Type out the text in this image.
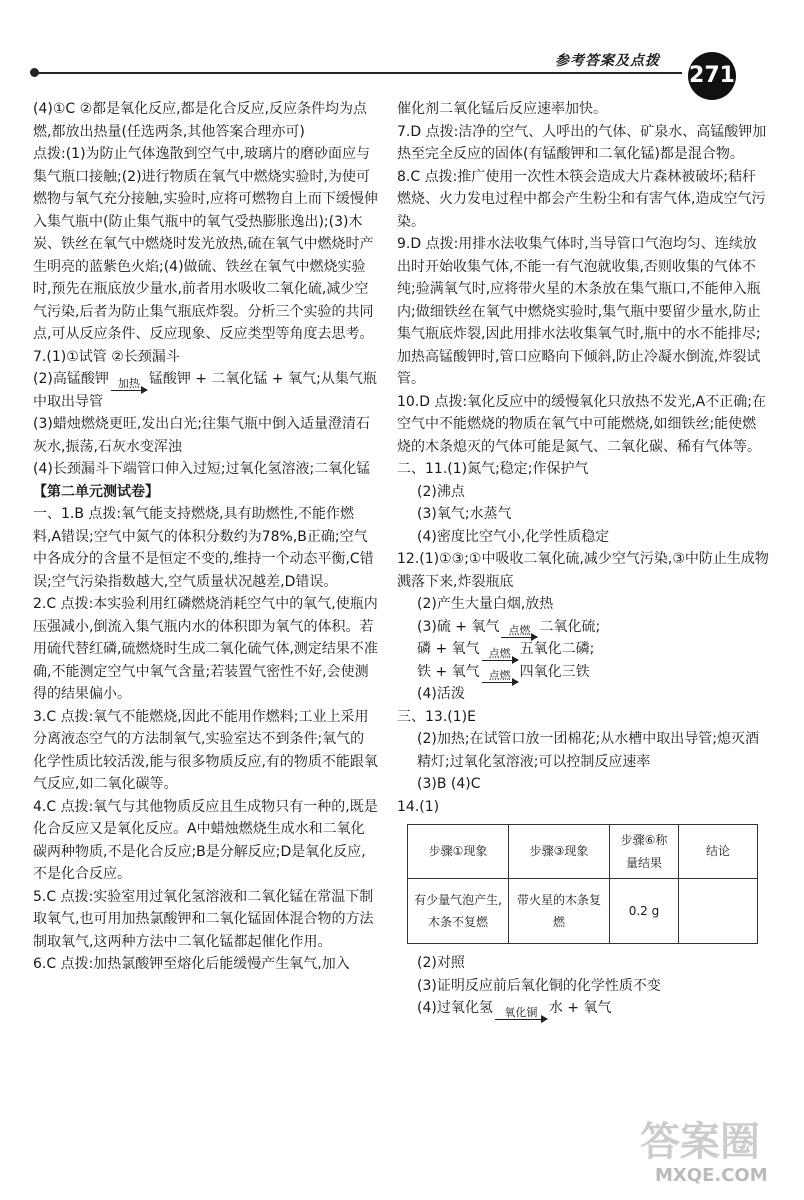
参考答案及点拨
271

(4)①C ②都是氧化反应,都是化合反应,反应条件均为点燃,都放出热量(任选两条,其他答案合理亦可)

点拨:(1)为防止气体逸散到空气中,玻璃片的磨砂面应与集气瓶口接触;(2)进行物质在氧气中燃烧实验时,为使可燃物与氧气充分接触,实验时,应将可燃物自上而下缓慢伸入集气瓶中(防止集气瓶中的氧气受热膨胀逸出);(3)木炭、铁丝在氧气中燃烧时发光放热,硫在氧气中燃烧时产生明亮的蓝紫色火焰;(4)做硫、铁丝在氧气中燃烧实验时,预先在瓶底放少量水,前者用水吸收二氧化硫,减少空气污染,后者为防止集气瓶底炸裂。分析三个实验的共同点,可从反应条件、反应现象、反应类型等角度去思考。

7.(1)①试管 ②长颈漏斗

(2)高锰酸钾 加热 锰酸钾 + 二氧化锰 + 氧气;从集气瓶中取出导管

(3)蜡烛燃烧更旺,发出白光;往集气瓶中倒入适量澄清石灰水,振荡,石灰水变浑浊

(4)长颈漏斗下端管口伸入过短;过氧化氢溶液;二氧化锰

【第二单元测试卷】

一、1.B 点拨:氧气能支持燃烧,具有助燃性,不能作燃料,A错误;空气中氮气的体积分数约为78%,B正确;空气中各成分的含量不是恒定不变的,维持一个动态平衡,C错误;空气污染指数越大,空气质量状况越差,D错误。

2.C 点拨:本实验利用红磷燃烧消耗空气中的氧气,使瓶内压强减小,倒流入集气瓶内水的体积即为氧气的体积。若用硫代替红磷,硫燃烧时生成二氧化硫气体,测定结果不准确,不能测定空气中氧气含量;若装置气密性不好,会使测得的结果偏小。

3.C 点拨:氧气不能燃烧,因此不能用作燃料;工业上采用分离液态空气的方法制氧气,实验室达不到条件;氧气的化学性质比较活泼,能与很多物质反应,有的物质不能跟氧气反应,如二氧化碳等。

4.C 点拨:氧气与其他物质反应且生成物只有一种的,既是化合反应又是氧化反应。A中蜡烛燃烧生成水和二氧化碳两种物质,不是化合反应;B是分解反应;D是氧化反应,不是化合反应。

5.C 点拨:实验室用过氧化氢溶液和二氧化锰在常温下制取氧气,也可用加热氯酸钾和二氧化锰固体混合物的方法制取氧气,这两种方法中二氧化锰都起催化作用。

6.C 点拨:加热氯酸钾至熔化后能缓慢产生氧气,加入

催化剂二氧化锰后反应速率加快。

7.D 点拨:洁净的空气、人呼出的气体、矿泉水、高锰酸钾加热至完全反应的固体(有锰酸钾和二氧化锰)都是混合物。

8.C 点拨:推广使用一次性木筷会造成大片森林被破坏;秸秆燃烧、火力发电过程中都会产生粉尘和有害气体,造成空气污染。

9.D 点拨:用排水法收集气体时,当导管口气泡均匀、连续放出时开始收集气体,不能一有气泡就收集,否则收集的气体不纯;验满氧气时,应将带火星的木条放在集气瓶口,不能伸入瓶内;做细铁丝在氧气中燃烧实验时,集气瓶中要留少量水,防止集气瓶底炸裂,因此用排水法收集氧气时,瓶中的水不能排尽;加热高锰酸钾时,管口应略向下倾斜,防止冷凝水倒流,炸裂试管。

10.D 点拨:氧化反应中的缓慢氧化只放热不发光,A不正确;在空气中不能燃烧的物质在氧气中可能燃烧,如细铁丝;能使燃烧的木条熄灭的气体可能是氮气、二氧化碳、稀有气体等。

二、11.(1)氮气;稳定;作保护气

(2)沸点

(3)氧气;水蒸气

(4)密度比空气小,化学性质稳定

12.(1)①③;①中吸收二氧化硫,减少空气污染,③中防止生成物溅落下来,炸裂瓶底

(2)产生大量白烟,放热

(3)硫 + 氧气 点燃 二氧化硫;

磷 + 氧气 点燃 五氧化二磷;

铁 + 氧气 点燃 四氧化三铁

(4)活泼

三、13.(1)E

(2)加热;在试管口放一团棉花;从水槽中取出导管;熄灭酒精灯;过氧化氢溶液;可以控制反应速率

(3)B (4)C

14.(1)

步骤①现象	步骤③现象	步骤⑥称量结果	结论
有少量气泡产生,木条不复燃	带火星的木条复燃	0.2 g	

(2)对照

(3)证明反应前后氧化铜的化学性质不变

(4)过氧化氢	氧化铜 水 + 氧气

答案圈
MXQE.COM
